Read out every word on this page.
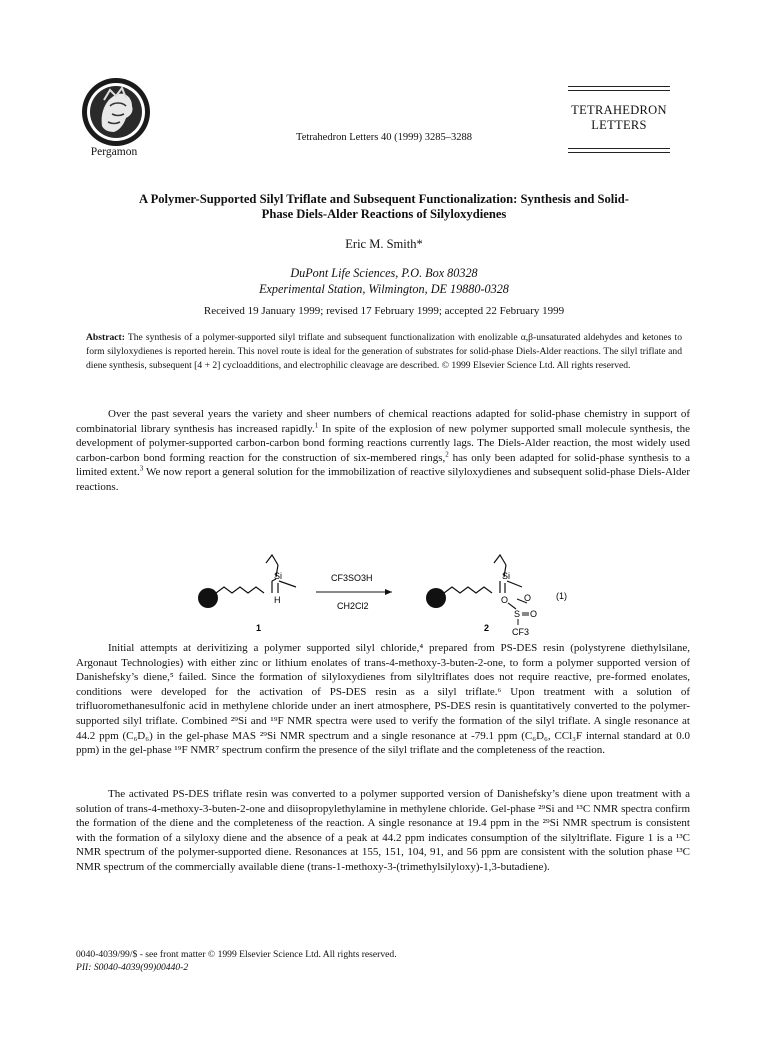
Pergamon
Tetrahedron Letters 40 (1999) 3285–3288
TETRAHEDRON
LETTERS
A Polymer-Supported Silyl Triflate and Subsequent Functionalization: Synthesis and Solid-
Phase Diels-Alder Reactions of Silyloxydienes
Eric M. Smith*
DuPont Life Sciences, P.O. Box 80328
Experimental Station, Wilmington, DE 19880-0328
Received 19 January 1999; revised 17 February 1999; accepted 22 February 1999
Abstract: The synthesis of a polymer-supported silyl triflate and subsequent functionalization with enolizable α,β-unsaturated aldehydes and ketones to form silyloxydienes is reported herein. This novel route is ideal for the generation of substrates for solid-phase Diels-Alder reactions. The silyl triflate and diene synthesis, subsequent [4 + 2] cycloadditions, and electrophilic cleavage are described. © 1999 Elsevier Science Ltd. All rights reserved.

Over the past several years the variety and sheer numbers of chemical reactions adapted for solid-phase chemistry in support of combinatorial library synthesis has increased rapidly.$^1$ In spite of the explosion of new polymer supported small molecule synthesis, the development of polymer-supported carbon-carbon bond forming reactions currently lags. The Diels-Alder reaction, the most widely used carbon-carbon bond forming reaction for the construction of six-membered rings,$^2$ has only been adapted for solid-phase synthesis to a limited extent.$^3$ We now report a general solution for the immobilization of reactive silyloxydienes and subsequent solid-phase Diels-Alder reactions.

Si
H
1
CF3SO3H
CH2Cl2
Si
O
S O
O
CF3
2
(1)

Initial attempts at derivitizing a polymer supported silyl chloride,⁴ prepared from PS-DES resin (polystyrene diethylsilane, Argonaut Technologies) with either zinc or lithium enolates of trans-4-methoxy-3-buten-2-one, to form a polymer supported version of Danishefsky’s diene,⁵ failed. Since the formation of silyloxydienes from silyltriflates does not require reactive, pre-formed enolates, conditions were developed for the activation of PS-DES resin as a silyl triflate.⁶ Upon treatment with a solution of trifluoromethanesulfonic acid in methylene chloride under an inert atmosphere, PS-DES resin is quantitatively converted to the polymer-supported silyl triflate. Combined ²⁹Si and ¹⁹F NMR spectra were used to verify the formation of the silyl triflate. A single resonance at 44.2 ppm (C₆D₆) in the gel-phase MAS ²⁹Si NMR spectrum and a single resonance at -79.1 ppm (C₆D₆, CCl₃F internal standard at 0.0 ppm) in the gel-phase ¹⁹F NMR⁷ spectrum confirm the presence of the silyl triflate and the completeness of the reaction.

The activated PS-DES triflate resin was converted to a polymer supported version of Danishefsky’s diene upon treatment with a solution of trans-4-methoxy-3-buten-2-one and diisopropylethylamine in methylene chloride. Gel-phase ²⁹Si and ¹³C NMR spectra confirm the formation of the diene and the completeness of the reaction. A single resonance at 19.4 ppm in the ²⁹Si NMR spectrum is consistent with the formation of a silyloxy diene and the absence of a peak at 44.2 ppm indicates consumption of the silyltriflate. Figure 1 is a ¹³C NMR spectrum of the polymer-supported diene. Resonances at 155, 151, 104, 91, and 56 ppm are consistent with the solution phase ¹³C NMR spectrum of the commercially available diene (trans-1-methoxy-3-(trimethylsilyloxy)-1,3-butadiene).

0040-4039/99/$ - see front matter © 1999 Elsevier Science Ltd. All rights reserved.
PII: S0040-4039(99)00440-2
